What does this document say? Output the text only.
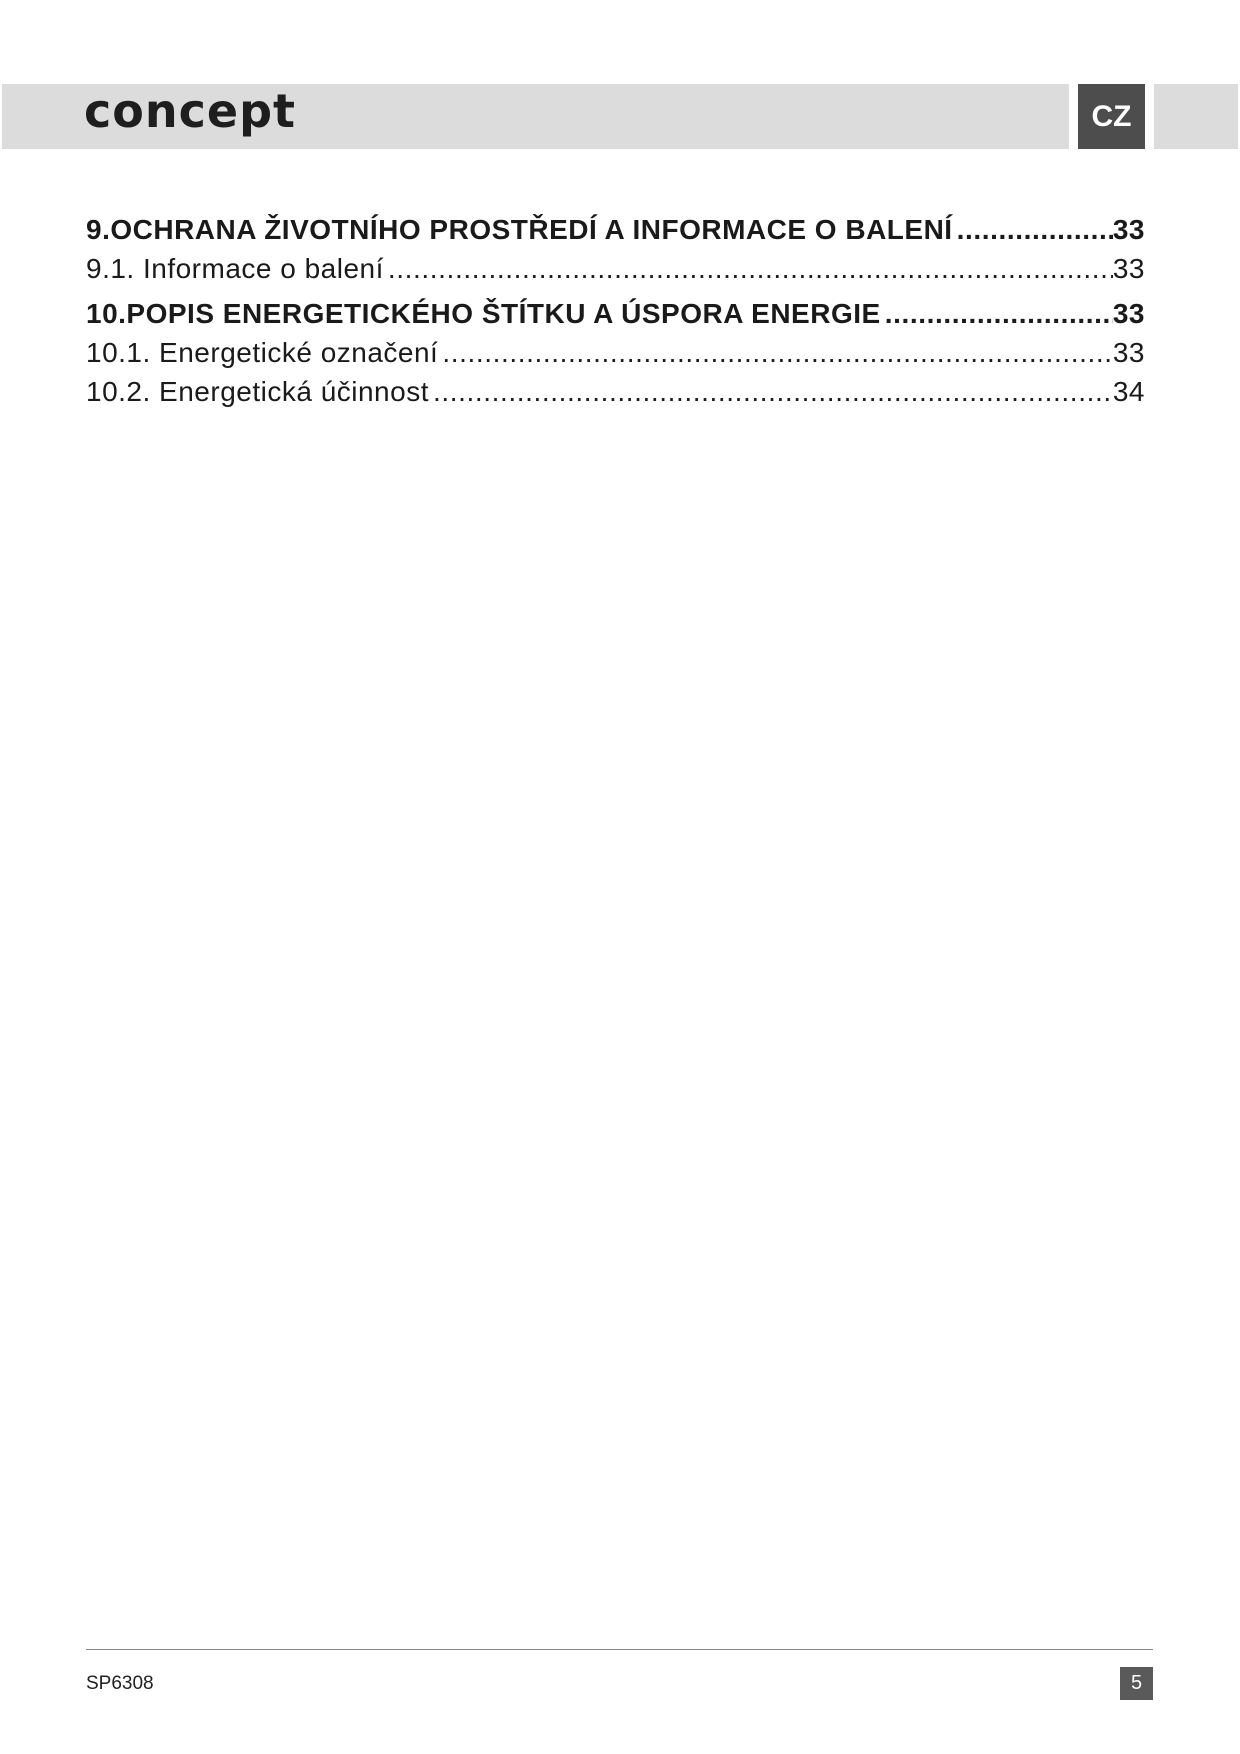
concept	CZ
9.OCHRANA ŽIVOTNÍHO PROSTŘEDÍ A INFORMACE O BALENÍ .....	33
9.1. Informace o balení .....	33
10.POPIS ENERGETICKÉHO ŠTÍTKU A ÚSPORA ENERGIE .....	33
10.1. Energetické označení .....	33
10.2. Energetická účinnost .....	34
SP6308	5
